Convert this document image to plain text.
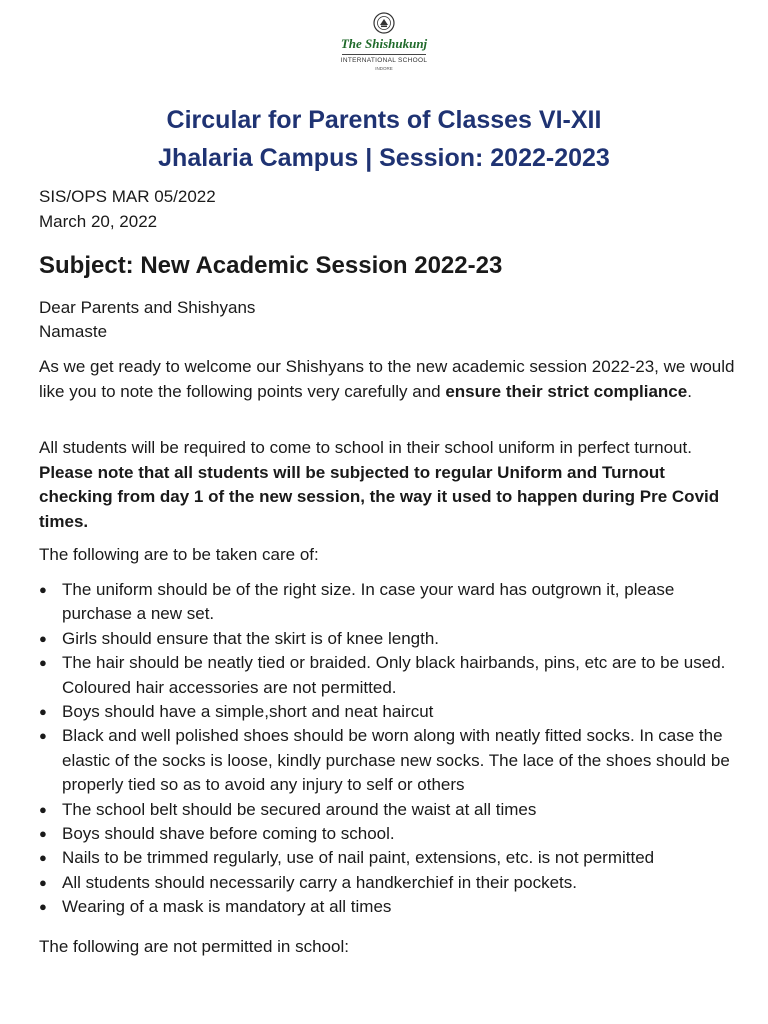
The Shishukunj
INTERNATIONAL SCHOOL
INDORE
Circular for Parents of Classes VI-XII
Jhalaria Campus | Session: 2022-2023
SIS/OPS MAR 05/2022
March 20, 2022
Subject: New Academic Session 2022-23
Dear Parents and Shishyans
Namaste
As we get ready to welcome our Shishyans to the new academic session 2022-23, we would like you to note the following points very carefully and ensure their strict compliance.
All students will be required to come to school in their school uniform in perfect turnout. Please note that all students will be subjected to regular Uniform and Turnout checking from day 1 of the new session, the way it used to happen during Pre Covid times.
The following are to be taken care of:
● The uniform should be of the right size. In case your ward has outgrown it, please purchase a new set.
● Girls should ensure that the skirt is of knee length.
● The hair should be neatly tied or braided. Only black hairbands, pins, etc are to be used. Coloured hair accessories are not permitted.
● Boys should have a simple,short and neat haircut
● Black and well polished shoes should be worn along with neatly fitted socks. In case the elastic of the socks is loose, kindly purchase new socks. The lace of the shoes should be properly tied so as to avoid any injury to self or others
● The school belt should be secured around the waist at all times
● Boys should shave before coming to school.
● Nails to be trimmed regularly, use of nail paint, extensions, etc. is not permitted
● All students should necessarily carry a handkerchief in their pockets.
● Wearing of a mask is mandatory at all times
The following are not permitted in school:
